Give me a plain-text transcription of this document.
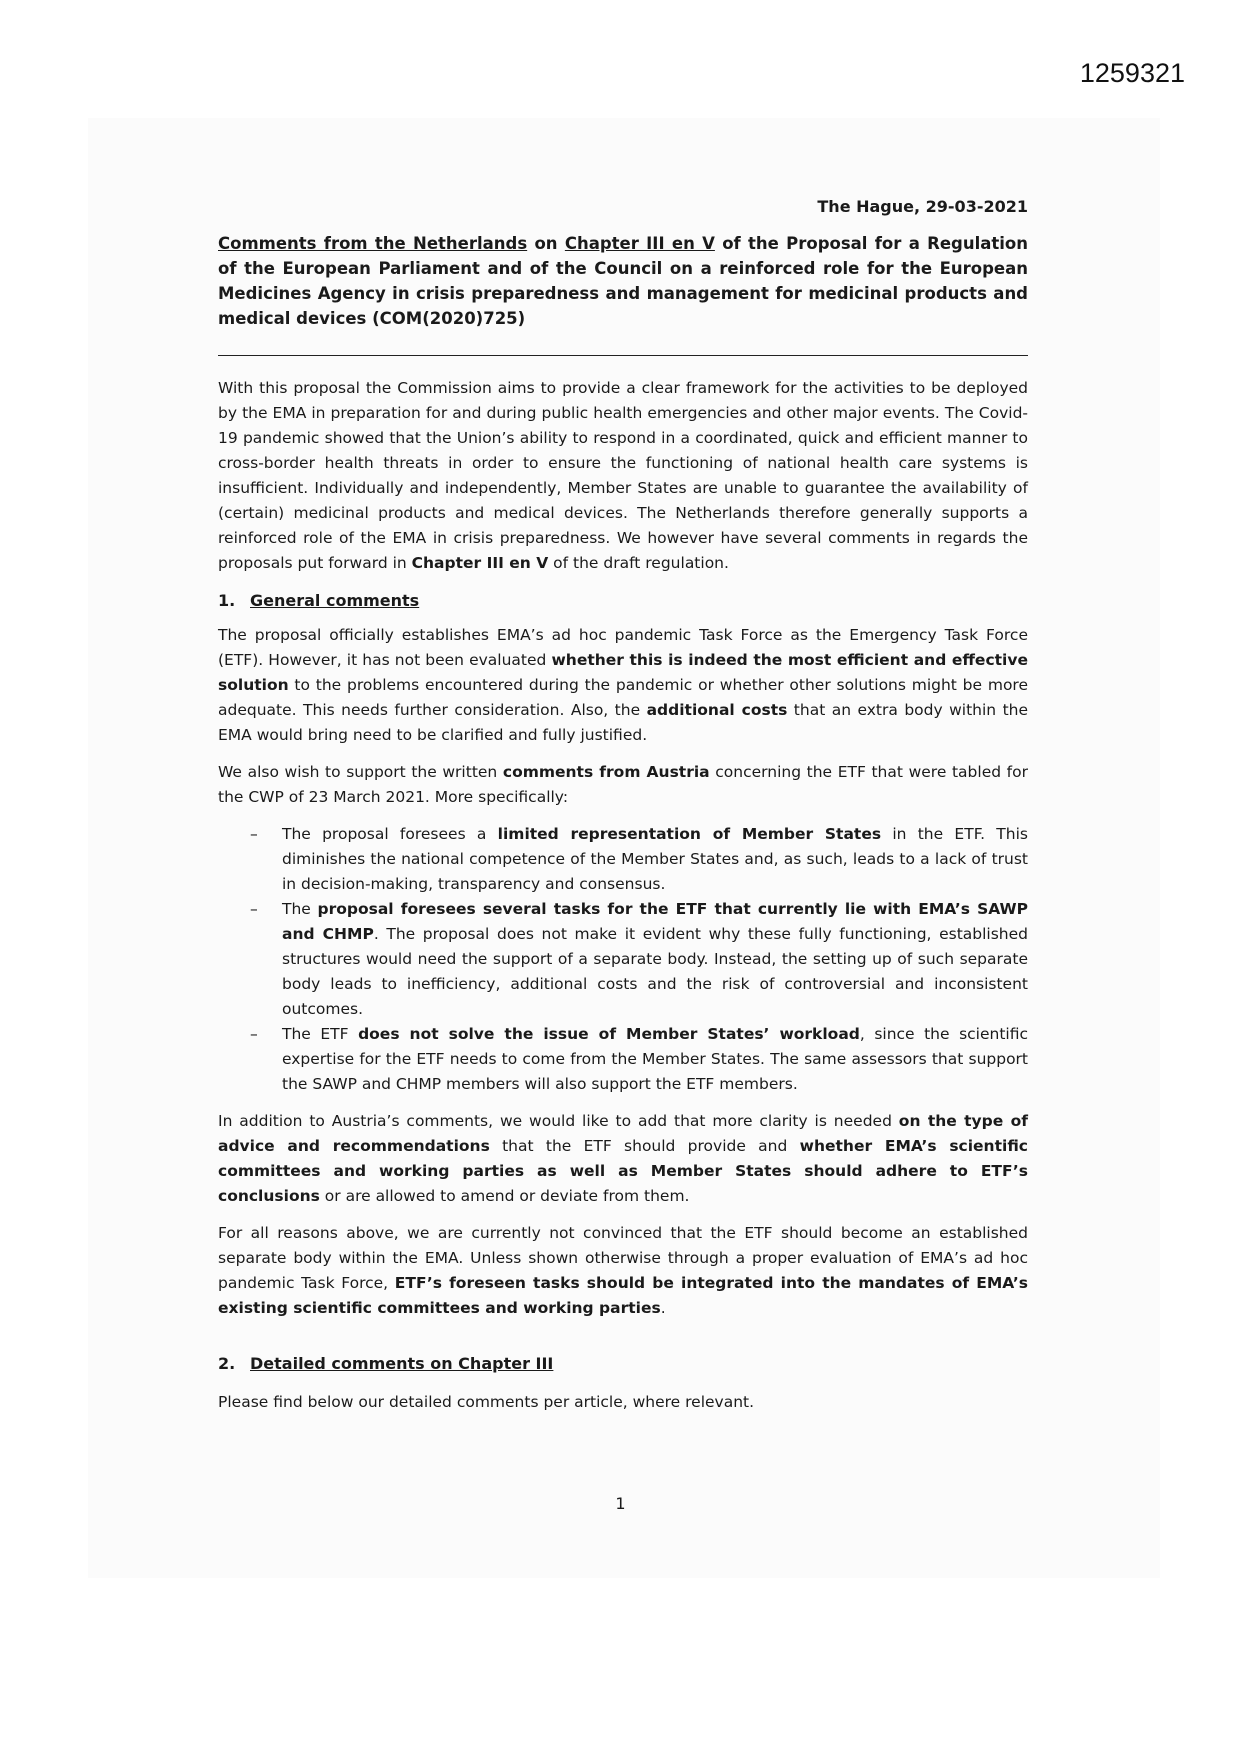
1259321
The Hague, 29-03-2021
Comments from the Netherlands on Chapter III en V of the Proposal for a Regulation of the European Parliament and of the Council on a reinforced role for the European Medicines Agency in crisis preparedness and management for medicinal products and medical devices (COM(2020)725)

With this proposal the Commission aims to provide a clear framework for the activities to be deployed by the EMA in preparation for and during public health emergencies and other major events. The Covid-19 pandemic showed that the Union’s ability to respond in a coordinated, quick and efficient manner to cross-border health threats in order to ensure the functioning of national health care systems is insufficient. Individually and independently, Member States are unable to guarantee the availability of (certain) medicinal products and medical devices. The Netherlands therefore generally supports a reinforced role of the EMA in crisis preparedness. We however have several comments in regards the proposals put forward in Chapter III en V of the draft regulation.

1. General comments

The proposal officially establishes EMA’s ad hoc pandemic Task Force as the Emergency Task Force (ETF). However, it has not been evaluated whether this is indeed the most efficient and effective solution to the problems encountered during the pandemic or whether other solutions might be more adequate. This needs further consideration. Also, the additional costs that an extra body within the EMA would bring need to be clarified and fully justified.

We also wish to support the written comments from Austria concerning the ETF that were tabled for the CWP of 23 March 2021. More specifically:

– The proposal foresees a limited representation of Member States in the ETF. This diminishes the national competence of the Member States and, as such, leads to a lack of trust in decision-making, transparency and consensus.
– The proposal foresees several tasks for the ETF that currently lie with EMA’s SAWP and CHMP. The proposal does not make it evident why these fully functioning, established structures would need the support of a separate body. Instead, the setting up of such separate body leads to inefficiency, additional costs and the risk of controversial and inconsistent outcomes.
– The ETF does not solve the issue of Member States’ workload, since the scientific expertise for the ETF needs to come from the Member States. The same assessors that support the SAWP and CHMP members will also support the ETF members.

In addition to Austria’s comments, we would like to add that more clarity is needed on the type of advice and recommendations that the ETF should provide and whether EMA’s scientific committees and working parties as well as Member States should adhere to ETF’s conclusions or are allowed to amend or deviate from them.

For all reasons above, we are currently not convinced that the ETF should become an established separate body within the EMA. Unless shown otherwise through a proper evaluation of EMA’s ad hoc pandemic Task Force, ETF’s foreseen tasks should be integrated into the mandates of EMA’s existing scientific committees and working parties.

2. Detailed comments on Chapter III

Please find below our detailed comments per article, where relevant.

1
